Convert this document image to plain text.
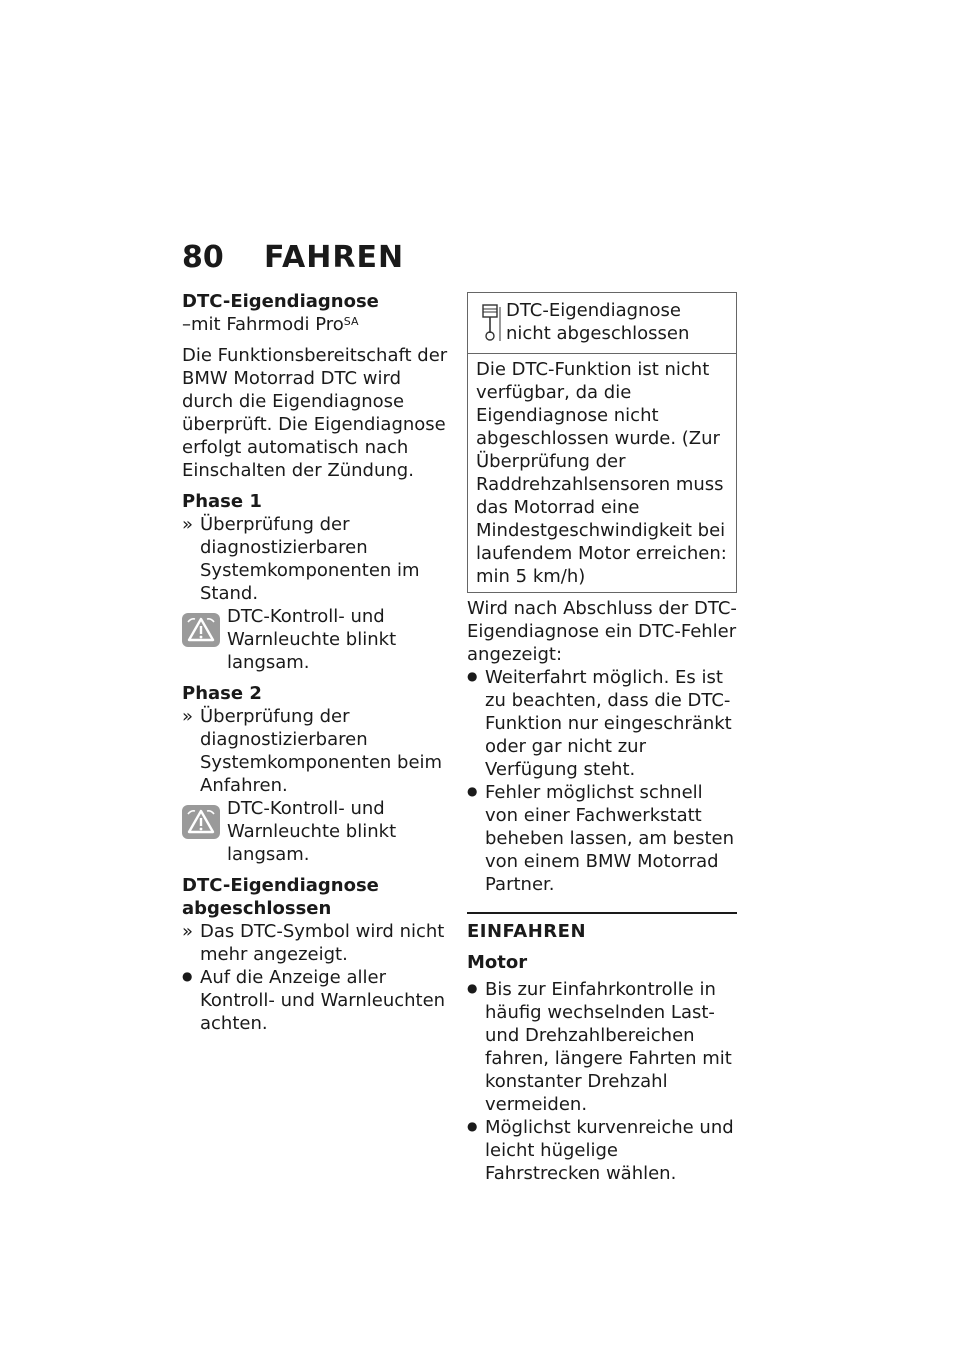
80 FAHREN

DTC-Eigendiagnose

–mit Fahrmodi Pro$^{SA}$

Die Funktionsbereitschaft der BMW Motorrad DTC wird durch die Eigendiagnose überprüft. Die Eigendiagnose erfolgt automatisch nach Einschalten der Zündung.

Phase 1

» Überprüfung der diagnostizierbaren Systemkomponenten im Stand.

DTC-Kontroll- und Warnleuchte blinkt langsam.

Phase 2

» Überprüfung der diagnostizierbaren Systemkomponenten beim Anfahren.

DTC-Kontroll- und Warnleuchte blinkt langsam.

DTC-Eigendiagnose
abgeschlossen

» Das DTC-Symbol wird nicht mehr angezeigt.

● Auf die Anzeige aller Kontroll- und Warnleuchten achten.

DTC-Eigendiagnose nicht abgeschlossen
Die DTC-Funktion ist nicht verfügbar, da die Eigendiagnose nicht abgeschlossen wurde. (Zur Überprüfung der Raddrehzahlsensoren muss das Motorrad eine Mindestgeschwindigkeit bei laufendem Motor erreichen: min 5 km/h)

Wird nach Abschluss der DTC-Eigendiagnose ein DTC-Fehler angezeigt:

● Weiterfahrt möglich. Es ist zu beachten, dass die DTC-Funktion nur eingeschränkt oder gar nicht zur Verfügung steht.

● Fehler möglichst schnell von einer Fachwerkstatt beheben lassen, am besten von einem BMW Motorrad Partner.

EINFAHREN

Motor

● Bis zur Einfahrkontrolle in häufig wechselnden Last- und Drehzahlbereichen fahren, längere Fahrten mit konstanter Drehzahl vermeiden.

● Möglichst kurvenreiche und leicht hügelige Fahrstrecken wählen.
